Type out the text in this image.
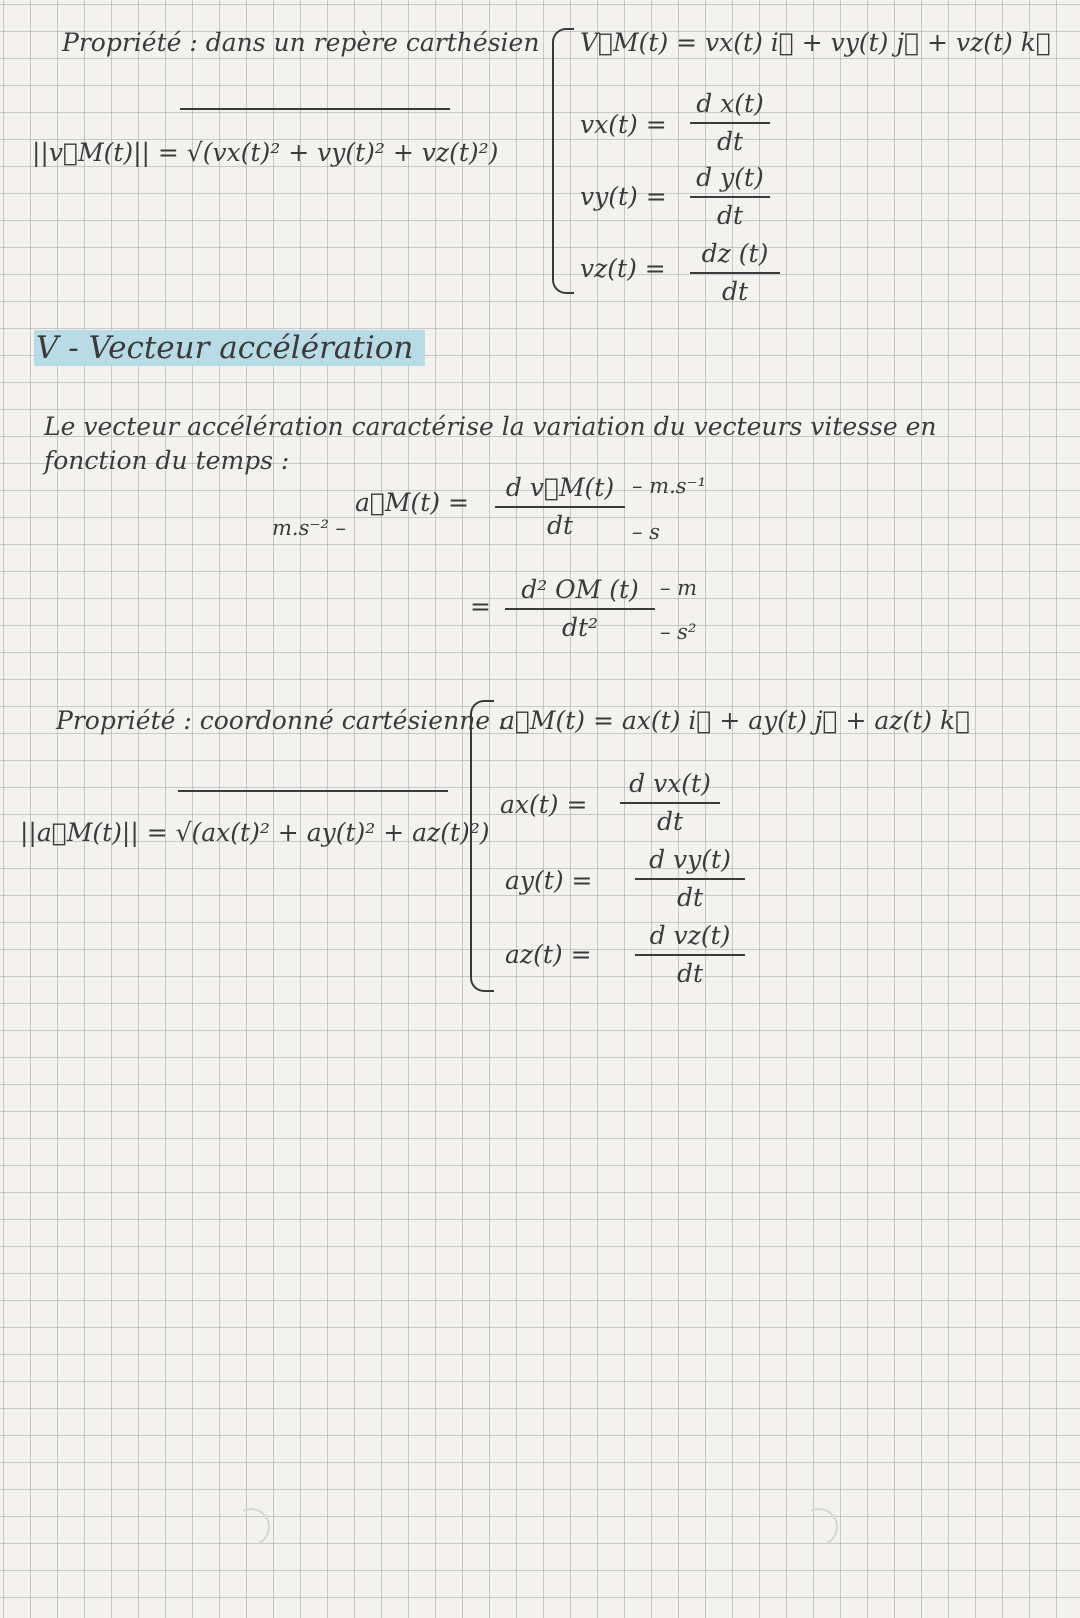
Propriété : dans un repère carthésien
||v⃗M(t)|| = √(vx(t)² + vy(t)² + vz(t)²)
V⃗M(t) = vx(t) i⃗ + vy(t) j⃗ + vz(t) k⃗
vx(t) =
d x(t)
dt
vy(t) =
d y(t)
dt
vz(t) =
dz (t)
dt
V - Vecteur accélération
Le vecteur accélération caractérise la variation du vecteurs vitesse en
fonction du temps :
m.s⁻² –
a⃗M(t) =
d v⃗M(t)
dt
– m.s⁻¹
– s
=
d² OM (t)
dt²
– m
– s²
Propriété : coordonné cartésienne :
||a⃗M(t)|| = √(ax(t)² + ay(t)² + az(t)²)
a⃗M(t) = ax(t) i⃗ + ay(t) j⃗ + az(t) k⃗
ax(t) =
d vx(t)
dt
ay(t) =
d vy(t)
dt
az(t) =
d vz(t)
dt
